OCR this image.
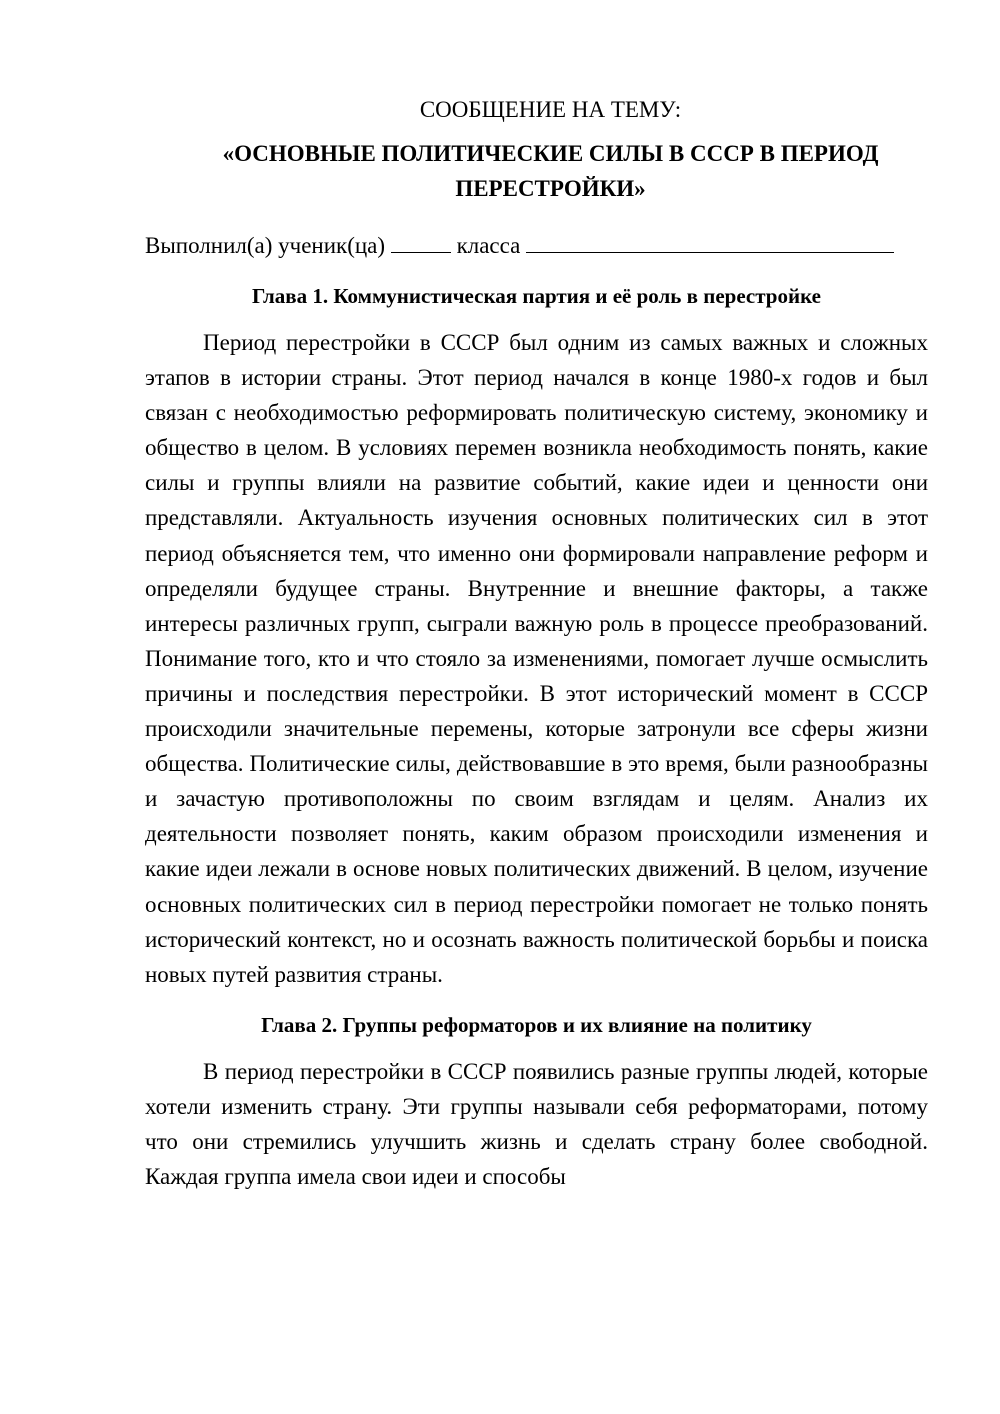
СООБЩЕНИЕ НА ТЕМУ:

«ОСНОВНЫЕ ПОЛИТИЧЕСКИЕ СИЛЫ В СССР В ПЕРИОД ПЕРЕСТРОЙКИ»

Выполнил(а) ученик(ца)	класса

Глава 1. Коммунистическая партия и её роль в перестройке

Период перестройки в СССР был одним из самых важных и сложных этапов в истории страны. Этот период начался в конце 1980-х годов и был связан с необходимостью реформировать политическую систему, экономику и общество в целом. В условиях перемен возникла необходимость понять, какие силы и группы влияли на развитие событий, какие идеи и ценности они представляли. Актуальность изучения основных политических сил в этот период объясняется тем, что именно они формировали направление реформ и определяли будущее страны. Внутренние и внешние факторы, а также интересы различных групп, сыграли важную роль в процессе преобразований. Понимание того, кто и что стояло за изменениями, помогает лучше осмыслить причины и последствия перестройки. В этот исторический момент в СССР происходили значительные перемены, которые затронули все сферы жизни общества. Политические силы, действовавшие в это время, были разнообразны и зачастую противоположны по своим взглядам и целям. Анализ их деятельности позволяет понять, каким образом происходили изменения и какие идеи лежали в основе новых политических движений. В целом, изучение основных политических сил в период перестройки помогает не только понять исторический контекст, но и осознать важность политической борьбы и поиска новых путей развития страны.

Глава 2. Группы реформаторов и их влияние на политику

В период перестройки в СССР появились разные группы людей, которые хотели изменить страну. Эти группы называли себя реформаторами, потому что они стремились улучшить жизнь и сделать страну более свободной. Каждая группа имела свои идеи и способы
